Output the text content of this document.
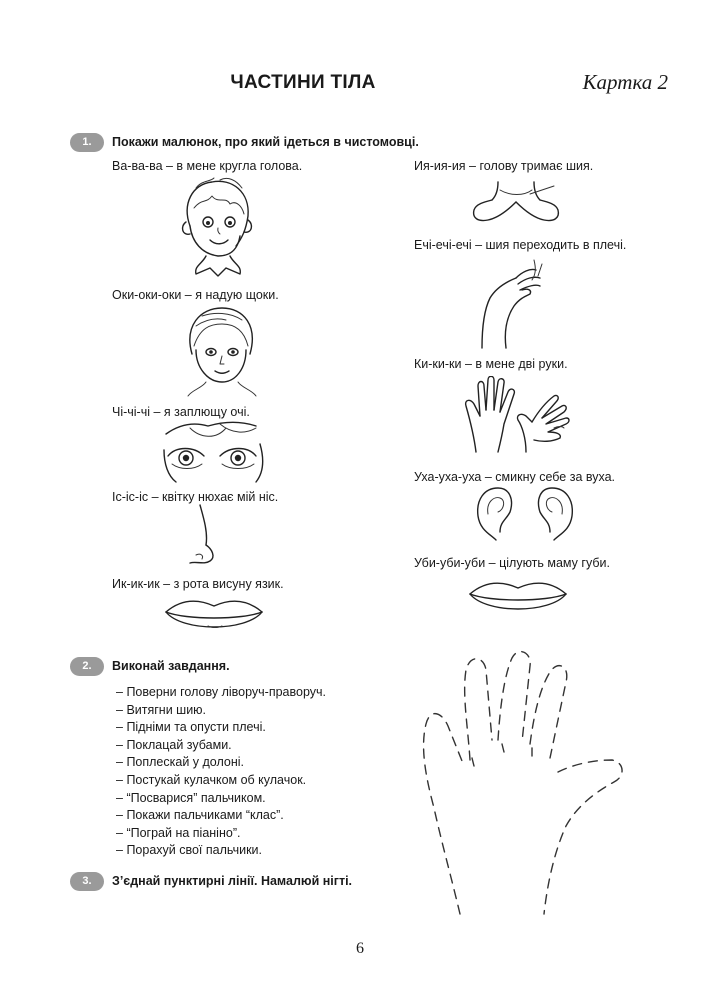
ЧАСТИНИ ТІЛА	Картка 2
1.	Покажи малюнок, про який ідеться в чистомовці.
Ва-ва-ва – в мене кругла голова.
Оки-оки-оки – я надую щоки.
Чі-чі-чі – я заплющу очі.
Іс-іс-іс – квітку нюхає мій ніс.
Ик-ик-ик – з рота висуну язик.
Ия-ия-ия – голову тримає шия.
Ечі-ечі-ечі – шия переходить в плечі.
Ки-ки-ки – в мене дві руки.
Уха-уха-уха – смикну себе за вуха.
Уби-уби-уби – цілують маму губи.
2.	Виконай завдання.
– Поверни голову ліворуч-праворуч.
– Витягни шию.
– Підніми та опусти плечі.
– Поклацай зубами.
– Поплескай у долоні.
– Постукай кулачком об кулачок.
– “Посварися” пальчиком.
– Покажи пальчиками “клас”.
– “Пограй на піаніно”.
– Порахуй свої пальчики.
3.	З’єднай пунктирні лінії. Намалюй нігті.
6
